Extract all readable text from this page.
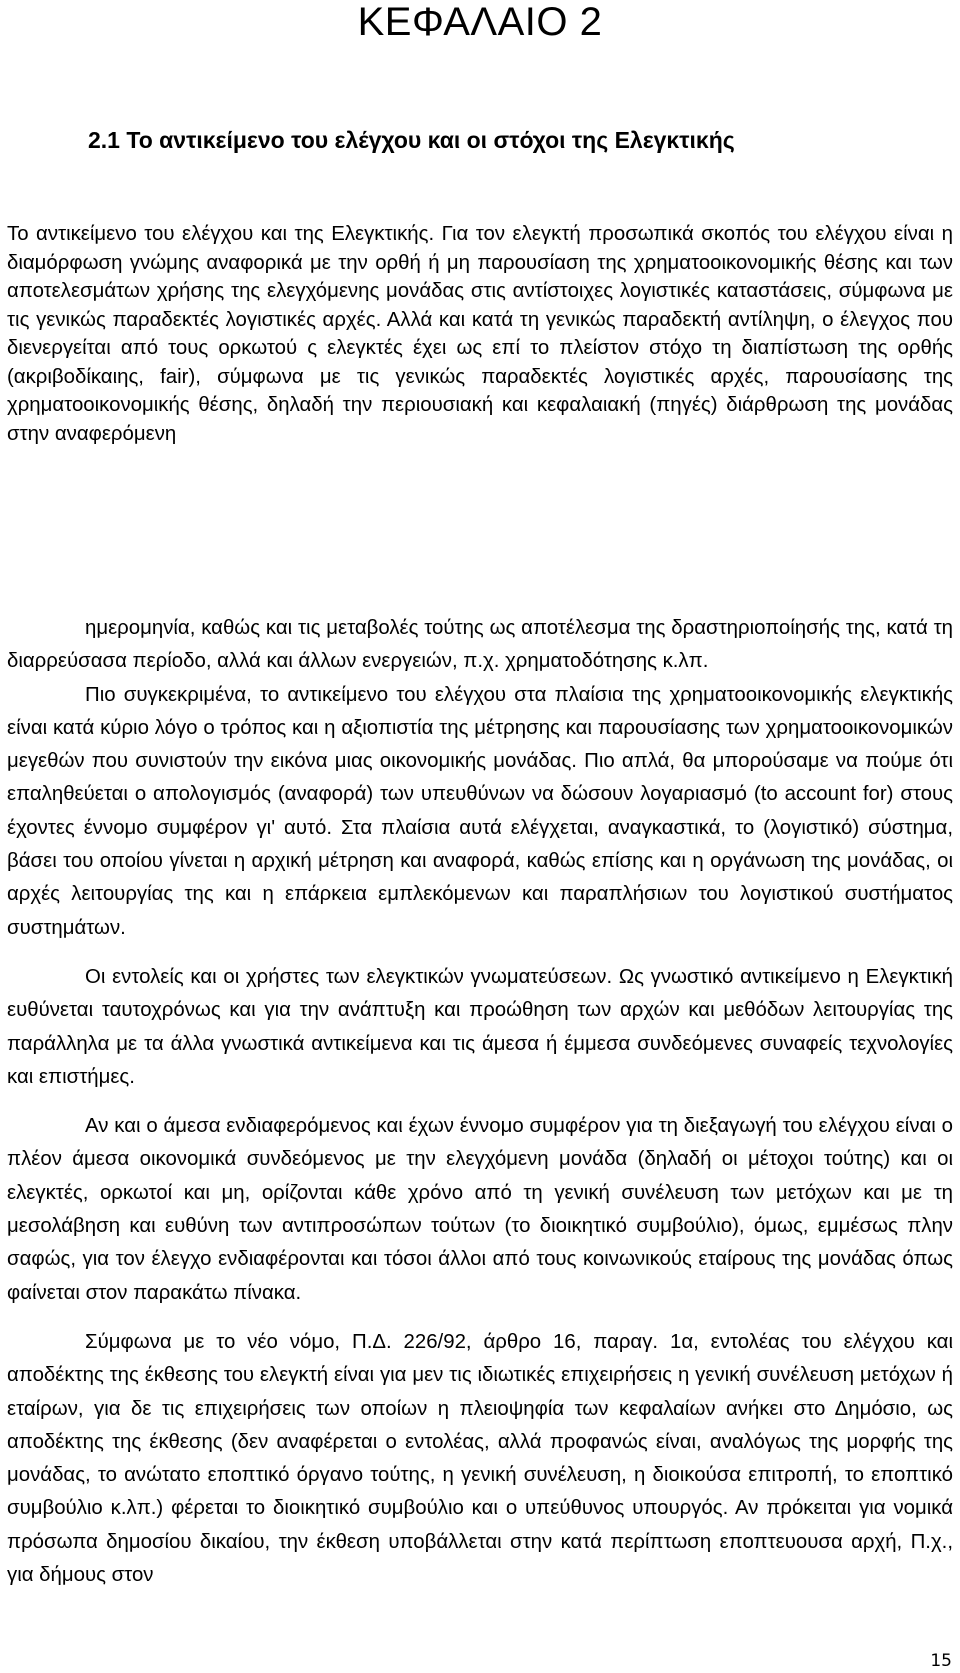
ΚΕΦΑΛΑΙΟ 2
2.1 Το αντικείμενο του ελέγχου και οι στόχοι της Ελεγκτικής

Το αντικείμενο του ελέγχου και της Ελεγκτικής. Για τον ελεγκτή προσωπικά σκοπός του ελέγχου είναι η διαμόρφωση γνώμης αναφορικά με την ορθή ή μη παρουσίαση της χρηματοοικονομικής θέσης και των αποτελεσμάτων χρήσης της ελεγχόμενης μονάδας στις αντίστοιχες λογιστικές καταστάσεις, σύμφωνα με τις γενικώς παραδεκτές λογιστικές αρχές. Αλλά και κατά τη γενικώς παραδεκτή αντίληψη, ο έλεγχος που διενεργείται από τους ορκωτού ς ελεγκτές έχει ως επί το πλείστον στόχο τη διαπίστωση της ορθής (ακριβοδίκαιης, fair), σύμφωνα με τις γενικώς παραδεκτές λογιστικές αρχές, παρουσίασης της χρηματοοικονομικής θέσης, δηλαδή την περιουσιακή και κεφαλαιακή (πηγές) διάρθρωση της μονάδας στην αναφερόμενη

ημερομηνία, καθώς και τις μεταβολές τούτης ως αποτέλεσμα της δραστηριοποίησής της, κατά τη διαρρεύσασα περίοδο, αλλά και άλλων ενεργειών, π.χ. χρηματοδότησης κ.λπ.

Πιο συγκεκριμένα, το αντικείμενο του ελέγχου στα πλαίσια της χρηματοοικονομικής ελεγκτικής είναι κατά κύριο λόγο ο τρόπος και η αξιοπιστία της μέτρησης και παρουσίασης των χρηματοοικονομικών μεγεθών που συνιστούν την εικόνα μιας οικονομικής μονάδας. Πιο απλά, θα μπορούσαμε να πούμε ότι επαληθεύεται ο απολογισμός (αναφορά) των υπευθύνων να δώσουν λογαριασμό (to account for) στους έχοντες έννομο συμφέρον γι' αυτό. Στα πλαίσια αυτά ελέγχεται, αναγκαστικά, το (λογιστικό) σύστημα, βάσει του οποίου γίνεται η αρχική μέτρηση και αναφορά, καθώς επίσης και η οργάνωση της μονάδας, οι αρχές λειτουργίας της και η επάρκεια εμπλεκόμενων και παραπλήσιων του λογιστικού συστήματος συστημάτων.

Οι εντολείς και οι χρήστες των ελεγκτικών γνωματεύσεων. Ως γνωστικό αντικείμενο η Ελεγκτική ευθύνεται ταυτοχρόνως και για την ανάπτυξη και προώθηση των αρχών και μεθόδων λειτουργίας της παράλληλα με τα άλλα γνωστικά αντικείμενα και τις άμεσα ή έμμεσα συνδεόμενες συναφείς τεχνολογίες και επιστήμες.

Αν και ο άμεσα ενδιαφερόμενος και έχων έννομο συμφέρον για τη διεξαγωγή του ελέγχου είναι ο πλέον άμεσα οικονομικά συνδεόμενος με την ελεγχόμενη μονάδα (δηλαδή οι μέτοχοι τούτης) και οι ελεγκτές, ορκωτοί και μη, ορίζονται κάθε χρόνο από τη γενική συνέλευση των μετόχων και με τη μεσολάβηση και ευθύνη των αντιπροσώπων τούτων (το διοικητικό συμβούλιο), όμως, εμμέσως πλην σαφώς, για τον έλεγχο ενδιαφέρονται και τόσοι άλλοι από τους κοινωνικούς εταίρους της μονάδας όπως φαίνεται στον παρακάτω πίνακα.

Σύμφωνα με το νέο νόμο, Π.Δ. 226/92, άρθρο 16, παραγ. 1α, εντολέας του ελέγχου και αποδέκτης της έκθεσης του ελεγκτή είναι για μεν τις ιδιωτικές επιχειρήσεις η γενική συνέλευση μετόχων ή εταίρων, για δε τις επιχειρήσεις των οποίων η πλειοψηφία των κεφαλαίων ανήκει στο Δημόσιο, ως αποδέκτης της έκθεσης (δεν αναφέρεται ο εντολέας, αλλά προφανώς είναι, αναλόγως της μορφής της μονάδας, το ανώτατο εποπτικό όργανο τούτης, η γενική συνέλευση, η διοικούσα επιτροπή, το εποπτικό συμβούλιο κ.λπ.) φέρεται το διοικητικό συμβούλιο και ο υπεύθυνος υπουργός. Αν πρόκειται για νομικά πρόσωπα δημοσίου δικαίου, την έκθεση υποβάλλεται στην κατά περίπτωση εποπτευουσα αρχή, Π.χ., για δήμους στον

15
